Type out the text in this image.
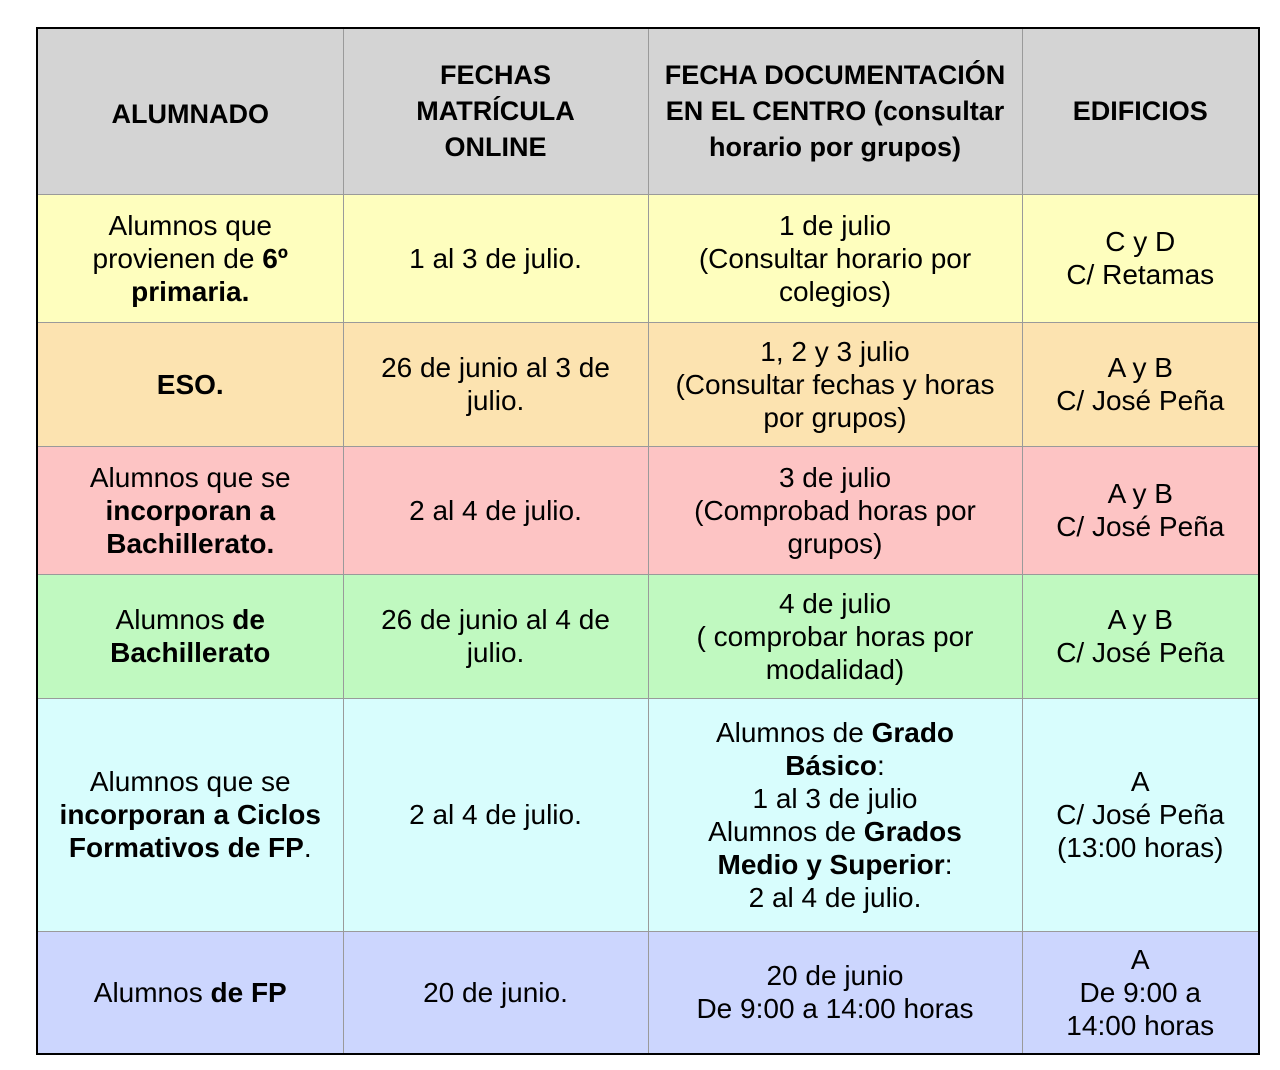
ALUMNADO	FECHAS MATRÍCULA ONLINE	FECHA DOCUMENTACIÓN EN EL CENTRO (consultar horario por grupos)	EDIFICIOS
Alumnos que provienen de 6º primaria.	1 al 3 de julio.	1 de julio
(Consultar horario por colegios)	C y D
C/ Retamas

ESO.	26 de junio al 3 de julio.	1, 2 y 3 julio
(Consultar fechas y horas por grupos)	A y B
C/ José Peña

Alumnos que se incorporan a Bachillerato.	2 al 4 de julio.	3 de julio
(Comprobad horas por grupos)	A y B
C/ José Peña

Alumnos de Bachillerato	26 de junio al 4 de julio.	4 de julio
( comprobar horas por modalidad)	A y B
C/ José Peña

Alumnos que se incorporan a Ciclos Formativos de FP.	2 al 4 de julio.	Alumnos de Grado Básico:
1 al 3 de julio
Alumnos de Grados Medio y Superior:
2 al 4 de julio.	A
C/ José Peña
(13:00 horas)

Alumnos de FP	20 de junio.	20 de junio
De 9:00 a 14:00 horas	A
De 9:00 a 14:00 horas
